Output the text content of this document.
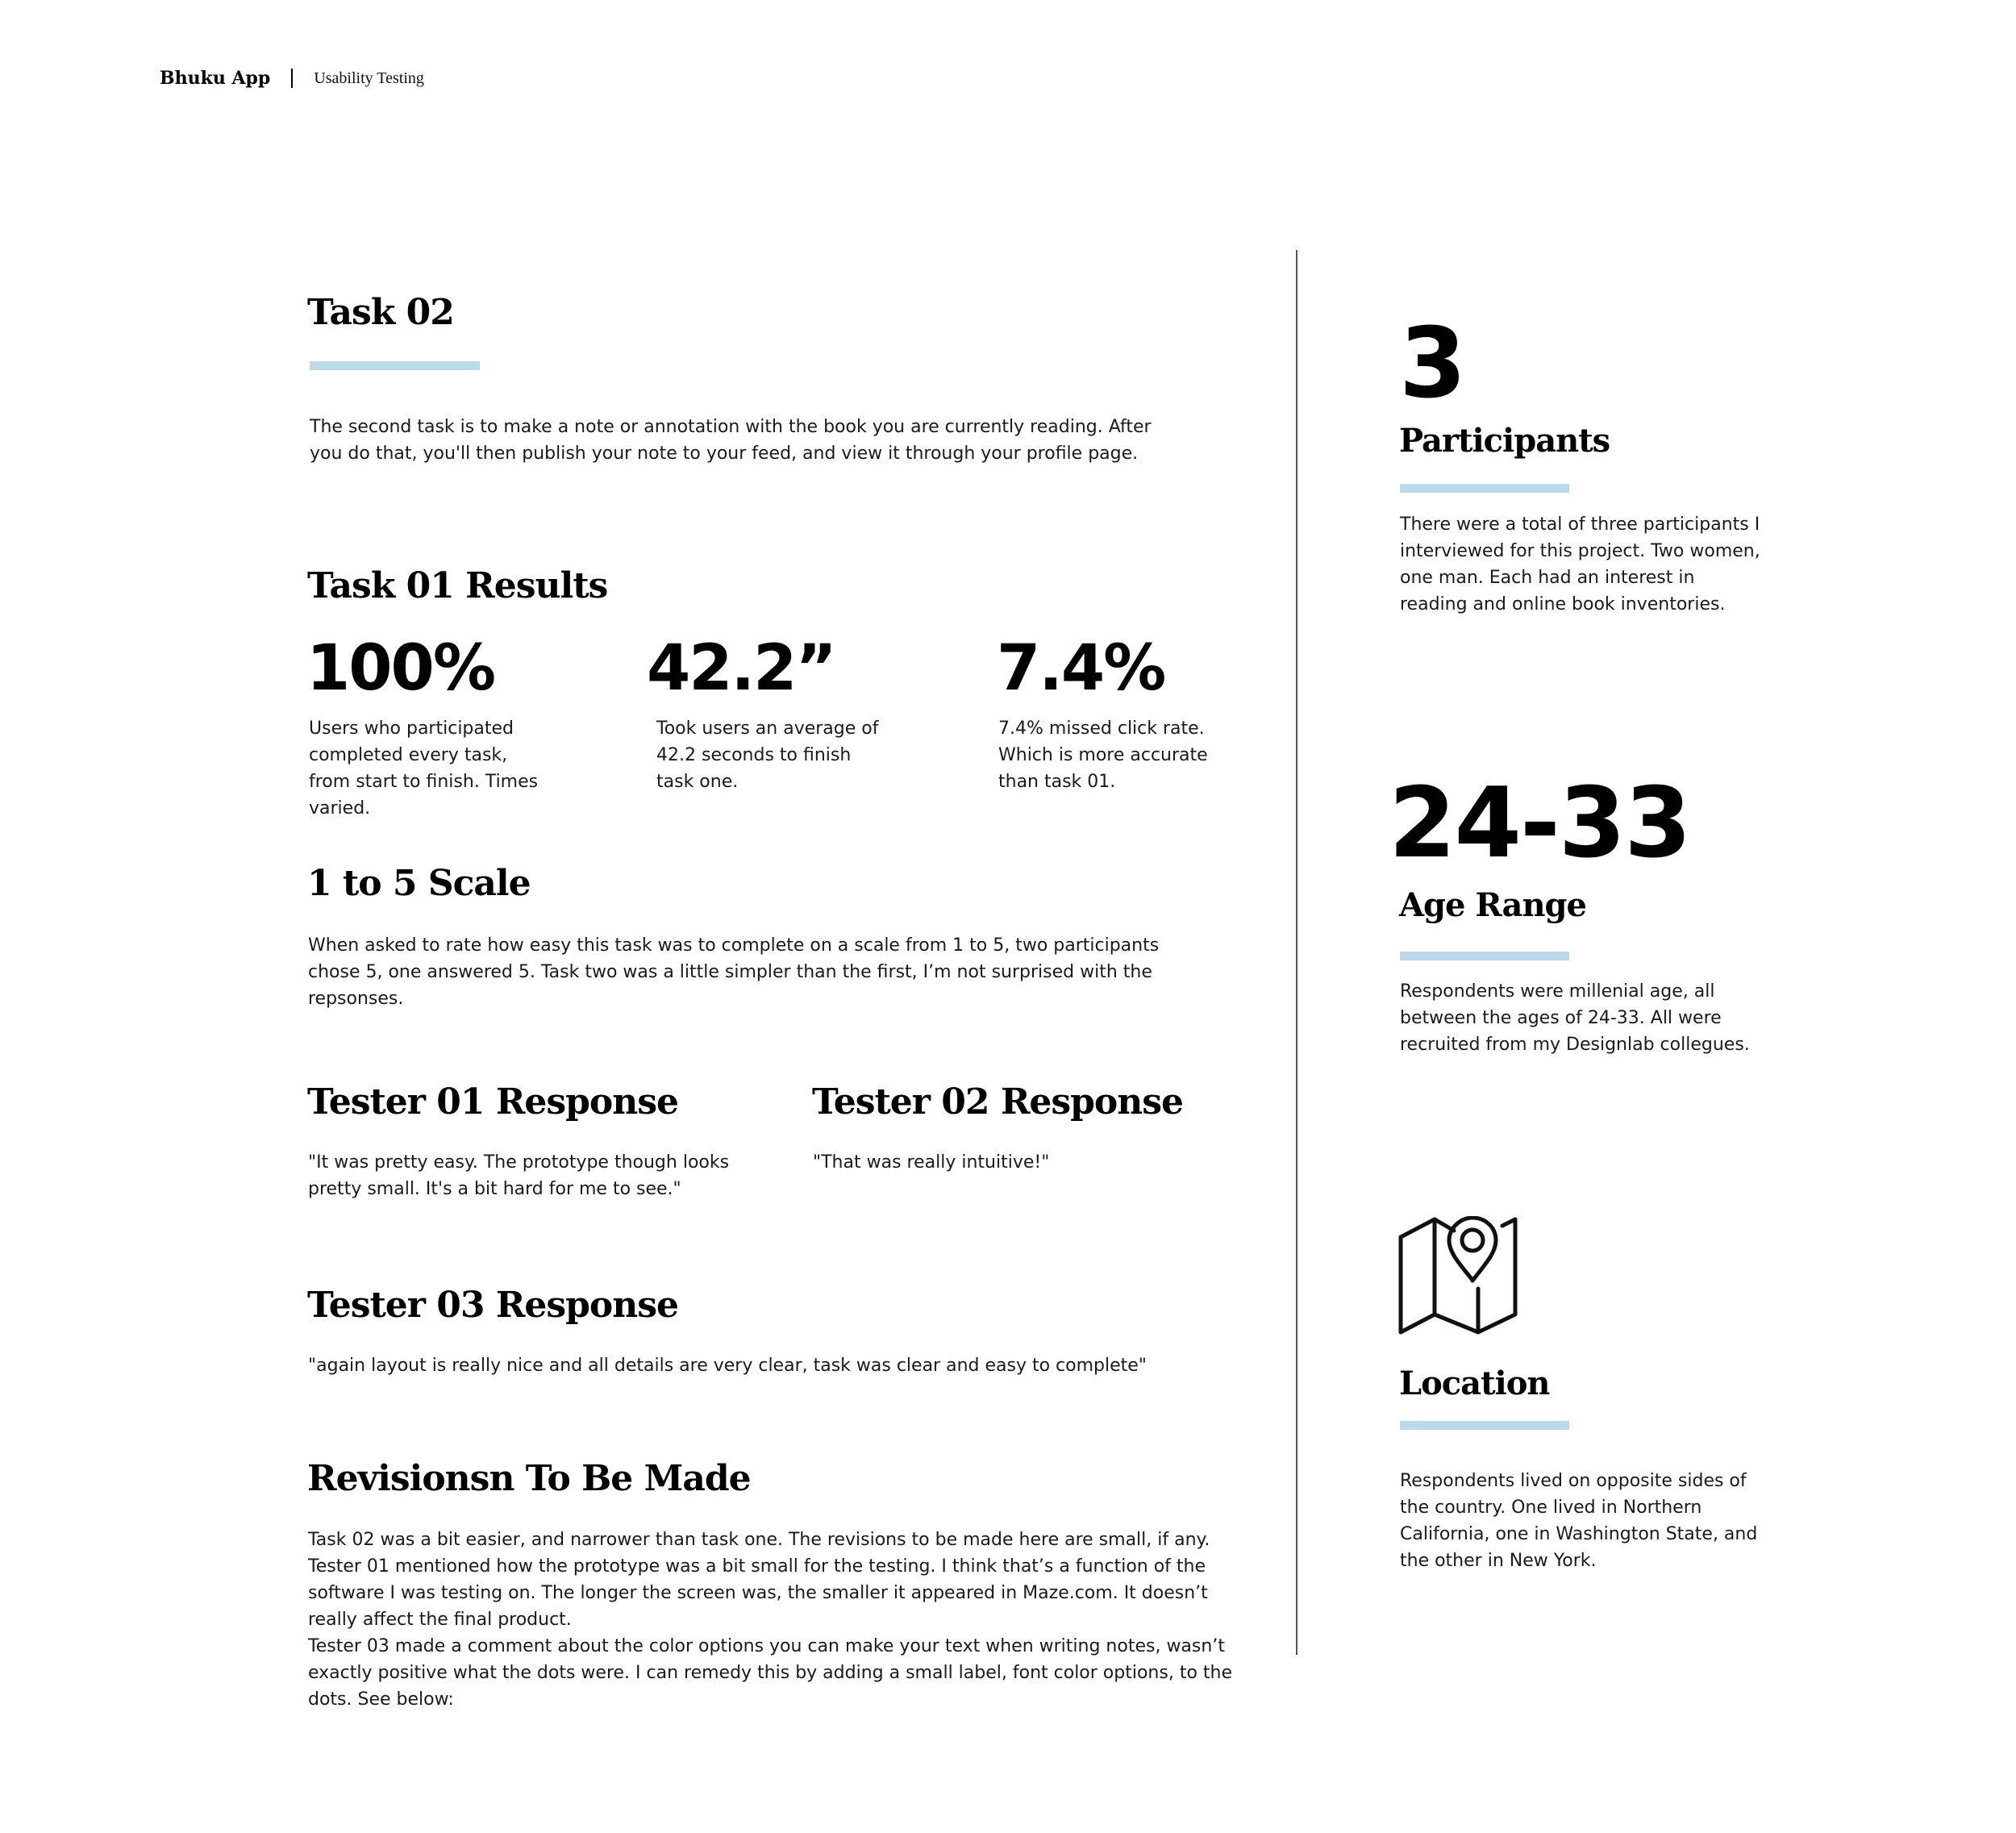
Bhuku App	Usability Testing
Task 02
The second task is to make a note or annotation with the book you are currently reading. After you do that, you'll then publish your note to your feed, and view it through your profile page.
Task 01 Results
100%
Users who participated completed every task, from start to finish. Times varied.
42.2”
Took users an average of 42.2 seconds to finish task one.
7.4%
7.4% missed click rate. Which is more accurate than task 01.
1 to 5 Scale
When asked to rate how easy this task was to complete on a scale from 1 to 5, two participants chose 5, one answered 5. Task two was a little simpler than the first, I’m not surprised with the repsonses.
Tester 01 Response
"It was pretty easy. The prototype though looks pretty small. It's a bit hard for me to see."
Tester 02 Response
"That was really intuitive!"
Tester 03 Response
"again layout is really nice and all details are very clear, task was clear and easy to complete"
Revisionsn To Be Made
Task 02 was a bit easier, and narrower than task one. The revisions to be made here are small, if any. Tester 01 mentioned how the prototype was a bit small for the testing. I think that’s a function of the software I was testing on. The longer the screen was, the smaller it appeared in Maze.com. It doesn’t really affect the final product.
Tester 03 made a comment about the color options you can make your text when writing notes, wasn’t exactly positive what the dots were. I can remedy this by adding a small label, font color options, to the dots. See below:
3
Participants
There were a total of three participants I interviewed for this project. Two women, one man. Each had an interest in reading and online book inventories.
24-33
Age Range
Respondents were millenial age, all between the ages of 24-33. All were recruited from my Designlab collegues.
Location
Respondents lived on opposite sides of the country. One lived in Northern California, one in Washington State, and the other in New York.
